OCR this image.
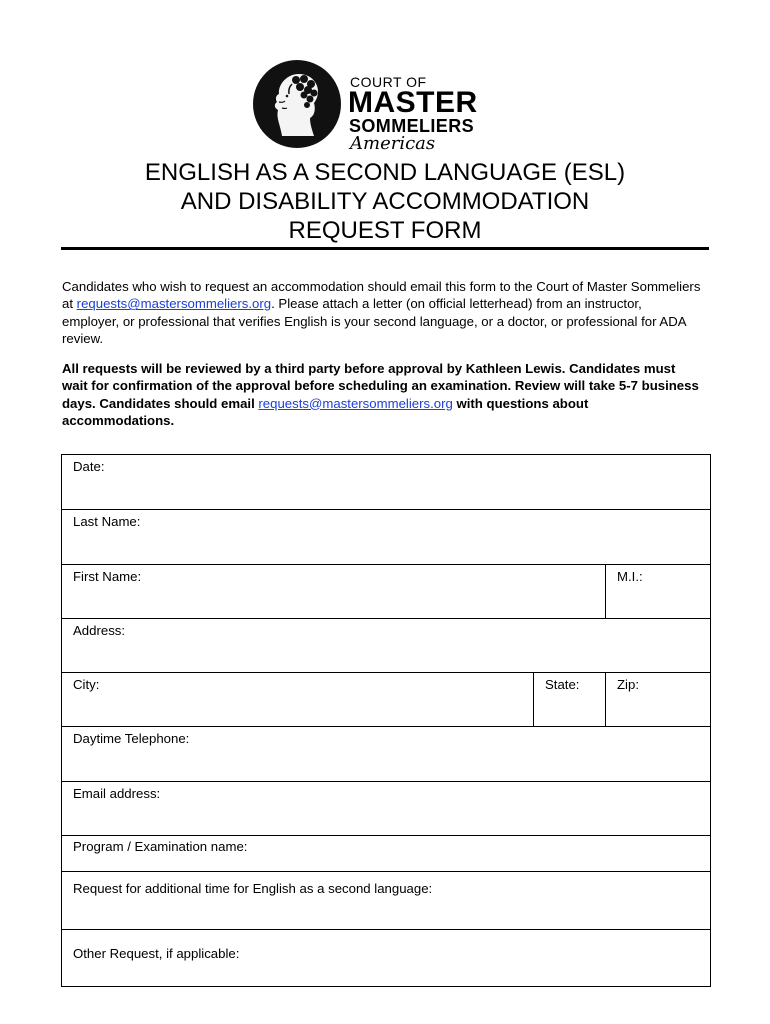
COURT OF
MASTER
SOMMELIERS
Americas
ENGLISH AS A SECOND LANGUAGE (ESL)
AND DISABILITY ACCOMMODATION
REQUEST FORM

Candidates who wish to request an accommodation should email this form to the Court of Master Sommeliers at requests@mastersommeliers.org. Please attach a letter (on official letterhead) from an instructor, employer, or professional that verifies English is your second language, or a doctor, or professional for ADA review.

All requests will be reviewed by a third party before approval by Kathleen Lewis. Candidates must wait for confirmation of the approval before scheduling an examination. Review will take 5-7 business days. Candidates should email requests@mastersommeliers.org with questions about accommodations.

Date:
Last Name:
First Name:	M.I.:
Address:
City:	State:	Zip:
Daytime Telephone:
Email address:
Program / Examination name:
Request for additional time for English as a second language:
Other Request, if applicable:
